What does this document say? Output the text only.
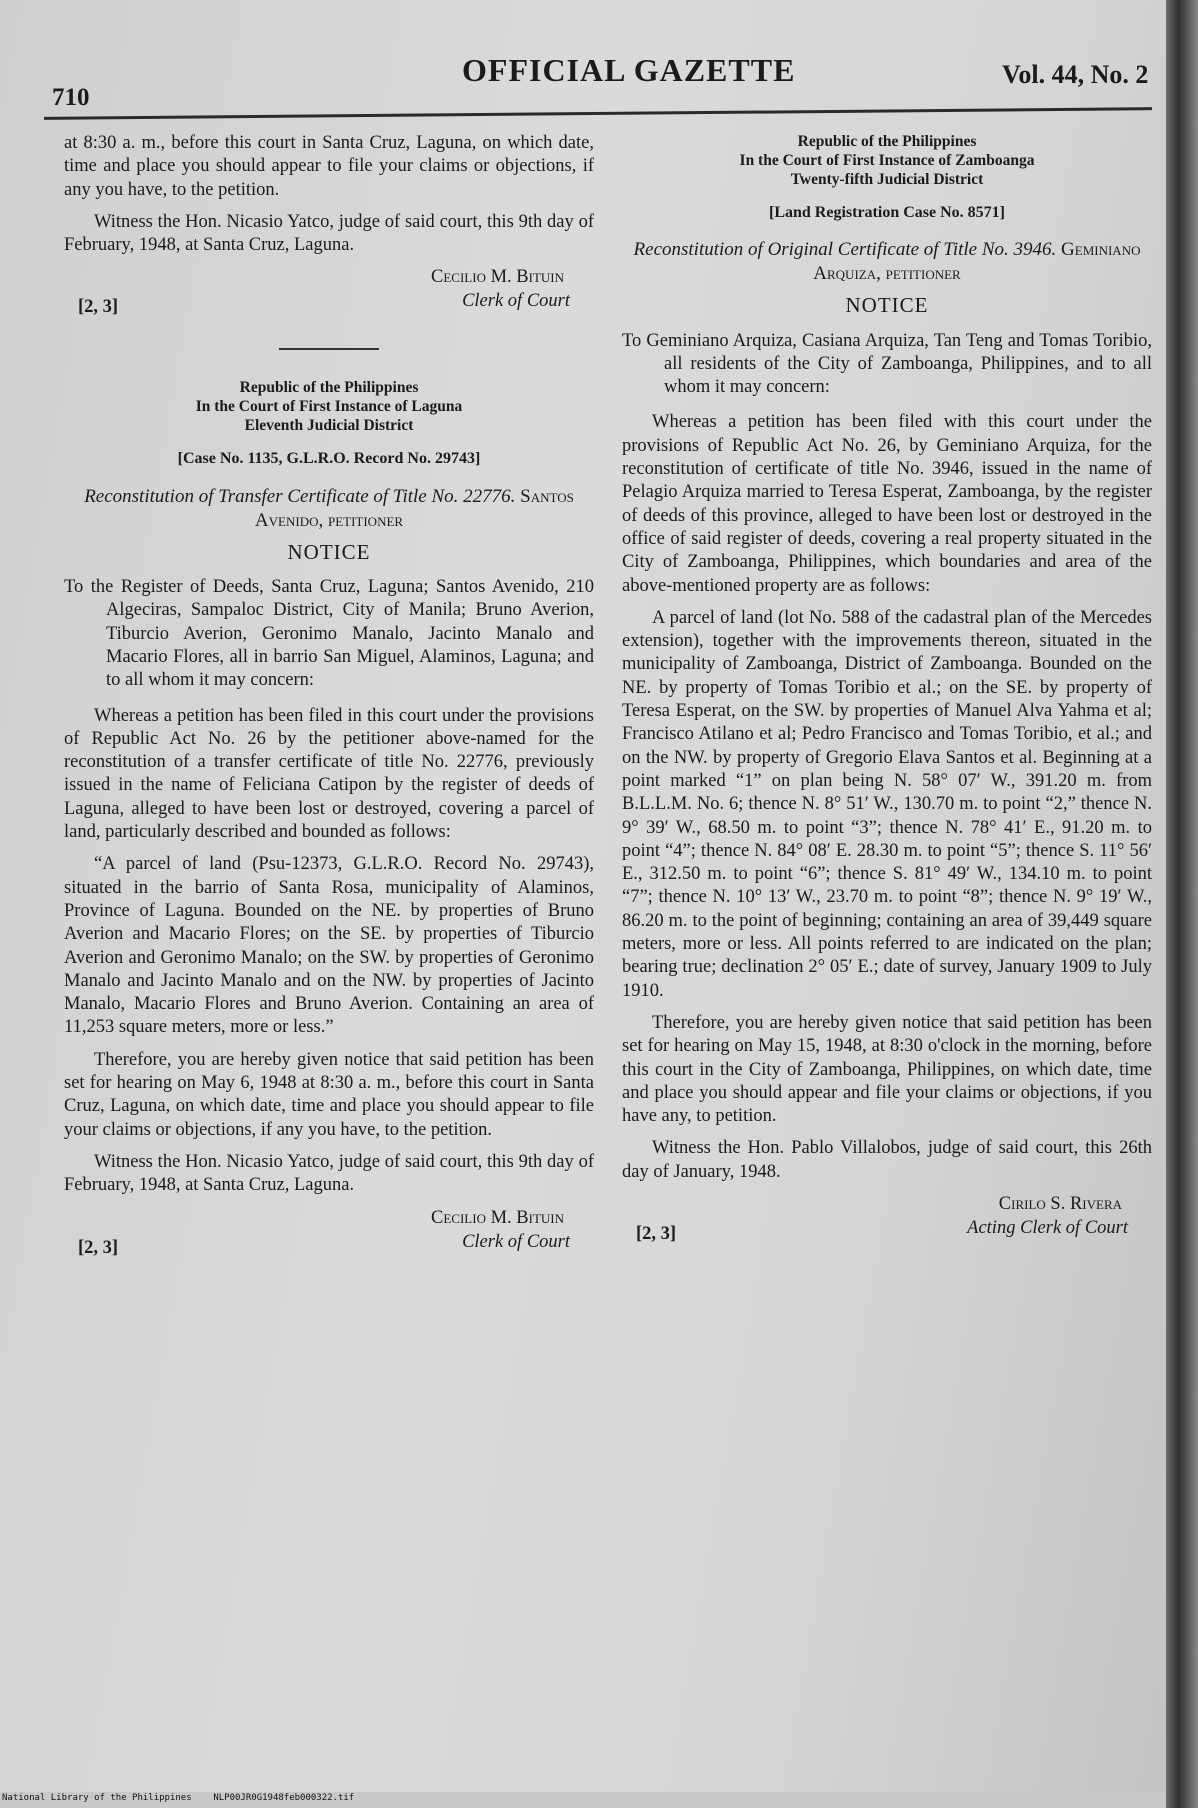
710
OFFICIAL GAZETTE	Vol. 44, No. 2

at 8:30 a. m., before this court in Santa Cruz, Laguna, on which date, time and place you should appear to file your claims or objections, if any you have, to the petition.

Witness the Hon. Nicasio Yatco, judge of said court, this 9th day of February, 1948, at Santa Cruz, Laguna.

Cecilio M. Bituin
Clerk of Court
[2, 3]
Republic of the Philippines
In the Court of First Instance of Laguna
Eleventh Judicial District
[Case No. 1135, G.L.R.O. Record No. 29743]
Reconstitution of Transfer Certificate of Title No. 22776. Santos Avenido, petitioner
NOTICE

To the Register of Deeds, Santa Cruz, Laguna; Santos Avenido, 210 Algeciras, Sampaloc District, City of Manila; Bruno Averion, Tiburcio Averion, Geronimo Manalo, Jacinto Manalo and Macario Flores, all in barrio San Miguel, Alaminos, Laguna; and to all whom it may concern:

Whereas a petition has been filed in this court under the provisions of Republic Act No. 26 by the petitioner above-named for the reconstitution of a transfer certificate of title No. 22776, previously issued in the name of Feliciana Catipon by the register of deeds of Laguna, alleged to have been lost or destroyed, covering a parcel of land, particularly described and bounded as follows:

“A parcel of land (Psu-12373, G.L.R.O. Record No. 29743), situated in the barrio of Santa Rosa, municipality of Alaminos, Province of Laguna. Bounded on the NE. by properties of Bruno Averion and Macario Flores; on the SE. by properties of Tiburcio Averion and Geronimo Manalo; on the SW. by properties of Geronimo Manalo and Jacinto Manalo and on the NW. by properties of Jacinto Manalo, Macario Flores and Bruno Averion. Containing an area of 11,253 square meters, more or less.”

Therefore, you are hereby given notice that said petition has been set for hearing on May 6, 1948 at 8:30 a. m., before this court in Santa Cruz, Laguna, on which date, time and place you should appear to file your claims or objections, if any you have, to the petition.

Witness the Hon. Nicasio Yatco, judge of said court, this 9th day of February, 1948, at Santa Cruz, Laguna.

Cecilio M. Bituin
Clerk of Court
[2, 3]
Republic of the Philippines
In the Court of First Instance of Zamboanga
Twenty-fifth Judicial District
[Land Registration Case No. 8571]
Reconstitution of Original Certificate of Title No. 3946. Geminiano Arquiza, petitioner
NOTICE

To Geminiano Arquiza, Casiana Arquiza, Tan Teng and Tomas Toribio, all residents of the City of Zamboanga, Philippines, and to all whom it may concern:

Whereas a petition has been filed with this court under the provisions of Republic Act No. 26, by Geminiano Arquiza, for the reconstitution of certificate of title No. 3946, issued in the name of Pelagio Arquiza married to Teresa Esperat, Zamboanga, by the register of deeds of this province, alleged to have been lost or destroyed in the office of said register of deeds, covering a real property situated in the City of Zamboanga, Philippines, which boundaries and area of the above-mentioned property are as follows:

A parcel of land (lot No. 588 of the cadastral plan of the Mercedes extension), together with the improvements thereon, situated in the municipality of Zamboanga, District of Zamboanga. Bounded on the NE. by property of Tomas Toribio et al.; on the SE. by property of Teresa Esperat, on the SW. by properties of Manuel Alva Yahma et al; Francisco Atilano et al; Pedro Francisco and Tomas Toribio, et al.; and on the NW. by property of Gregorio Elava Santos et al. Beginning at a point marked “1” on plan being N. 58° 07′ W., 391.20 m. from B.L.L.M. No. 6; thence N. 8° 51′ W., 130.70 m. to point “2,” thence N. 9° 39′ W., 68.50 m. to point “3”; thence N. 78° 41′ E., 91.20 m. to point “4”; thence N. 84° 08′ E. 28.30 m. to point “5”; thence S. 11° 56′ E., 312.50 m. to point “6”; thence S. 81° 49′ W., 134.10 m. to point “7”; thence N. 10° 13′ W., 23.70 m. to point “8”; thence N. 9° 19′ W., 86.20 m. to the point of beginning; containing an area of 39,449 square meters, more or less. All points referred to are indicated on the plan; bearing true; declination 2° 05′ E.; date of survey, January 1909 to July 1910.

Therefore, you are hereby given notice that said petition has been set for hearing on May 15, 1948, at 8:30 o'clock in the morning, before this court in the City of Zamboanga, Philippines, on which date, time and place you should appear and file your claims or objections, if you have any, to petition.

Witness the Hon. Pablo Villalobos, judge of said court, this 26th day of January, 1948.

Cirilo S. Rivera
Acting Clerk of Court
[2, 3]
National Library of the Philippines NLP00JR0G1948feb000322.tif
